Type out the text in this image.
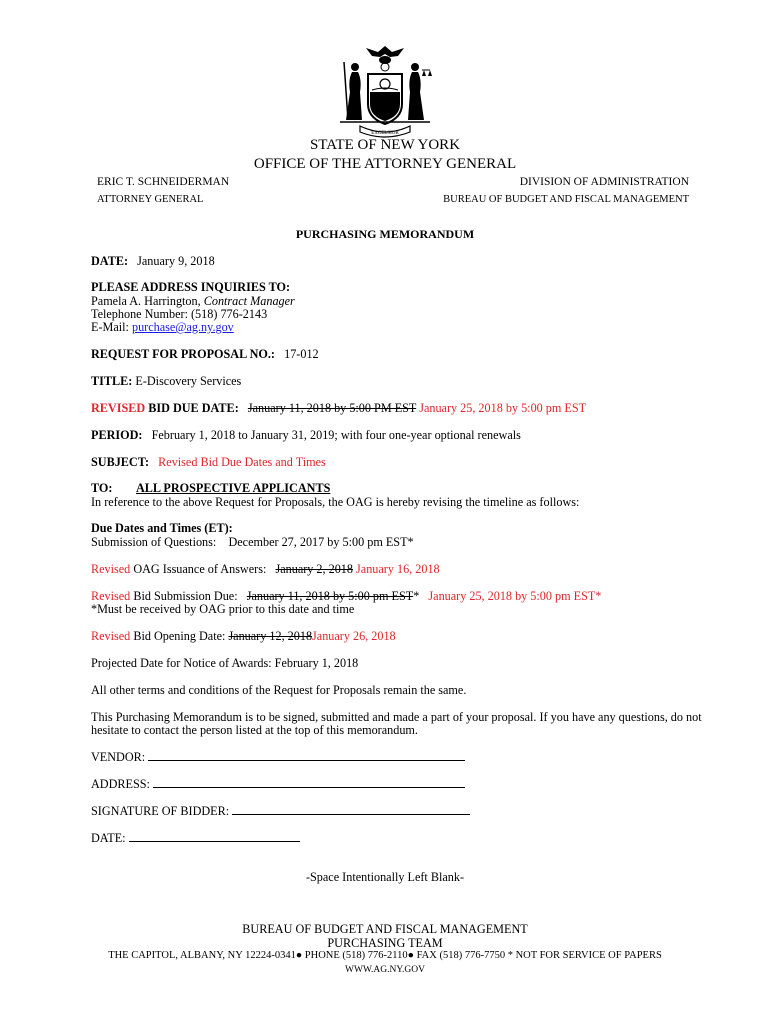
EXCELSIOR
STATE OF NEW YORK
OFFICE OF THE ATTORNEY GENERAL
ERIC T. SCHNEIDERMAN
ATTORNEY GENERAL
DIVISION OF ADMINISTRATION
BUREAU OF BUDGET AND FISCAL MANAGEMENT
PURCHASING MEMORANDUM
DATE: January 9, 2018
PLEASE ADDRESS INQUIRIES TO:
Pamela A. Harrington, Contract Manager
Telephone Number: (518) 776-2143
E-Mail: purchase@ag.ny.gov
REQUEST FOR PROPOSAL NO.: 17-012
TITLE: E-Discovery Services
REVISED BID DUE DATE: January 11, 2018 by 5:00 PM EST January 25, 2018 by 5:00 pm EST
PERIOD: February 1, 2018 to January 31, 2019; with four one-year optional renewals
SUBJECT: Revised Bid Due Dates and Times
TO: ALL PROSPECTIVE APPLICANTS
In reference to the above Request for Proposals, the OAG is hereby revising the timeline as follows:
Due Dates and Times (ET):
Submission of Questions:    December 27, 2017 by 5:00 pm EST*
Revised OAG Issuance of Answers: January 2, 2018 January 16, 2018
Revised Bid Submission Due: January 11, 2018 by 5:00 pm EST* January 25, 2018 by 5:00 pm EST*
*Must be received by OAG prior to this date and time
Revised Bid Opening Date: January 12, 2018January 26, 2018
Projected Date for Notice of Awards: February 1, 2018
All other terms and conditions of the Request for Proposals remain the same.
This Purchasing Memorandum is to be signed, submitted and made a part of your proposal. If you have any questions, do not
hesitate to contact the person listed at the top of this memorandum.
VENDOR:
ADDRESS:
SIGNATURE OF BIDDER:
DATE:
-Space Intentionally Left Blank-
BUREAU OF BUDGET AND FISCAL MANAGEMENT
PURCHASING TEAM
THE CAPITOL, ALBANY, NY 12224-0341● PHONE (518) 776-2110● FAX (518) 776-7750 * NOT FOR SERVICE OF PAPERS
WWW.AG.NY.GOV
